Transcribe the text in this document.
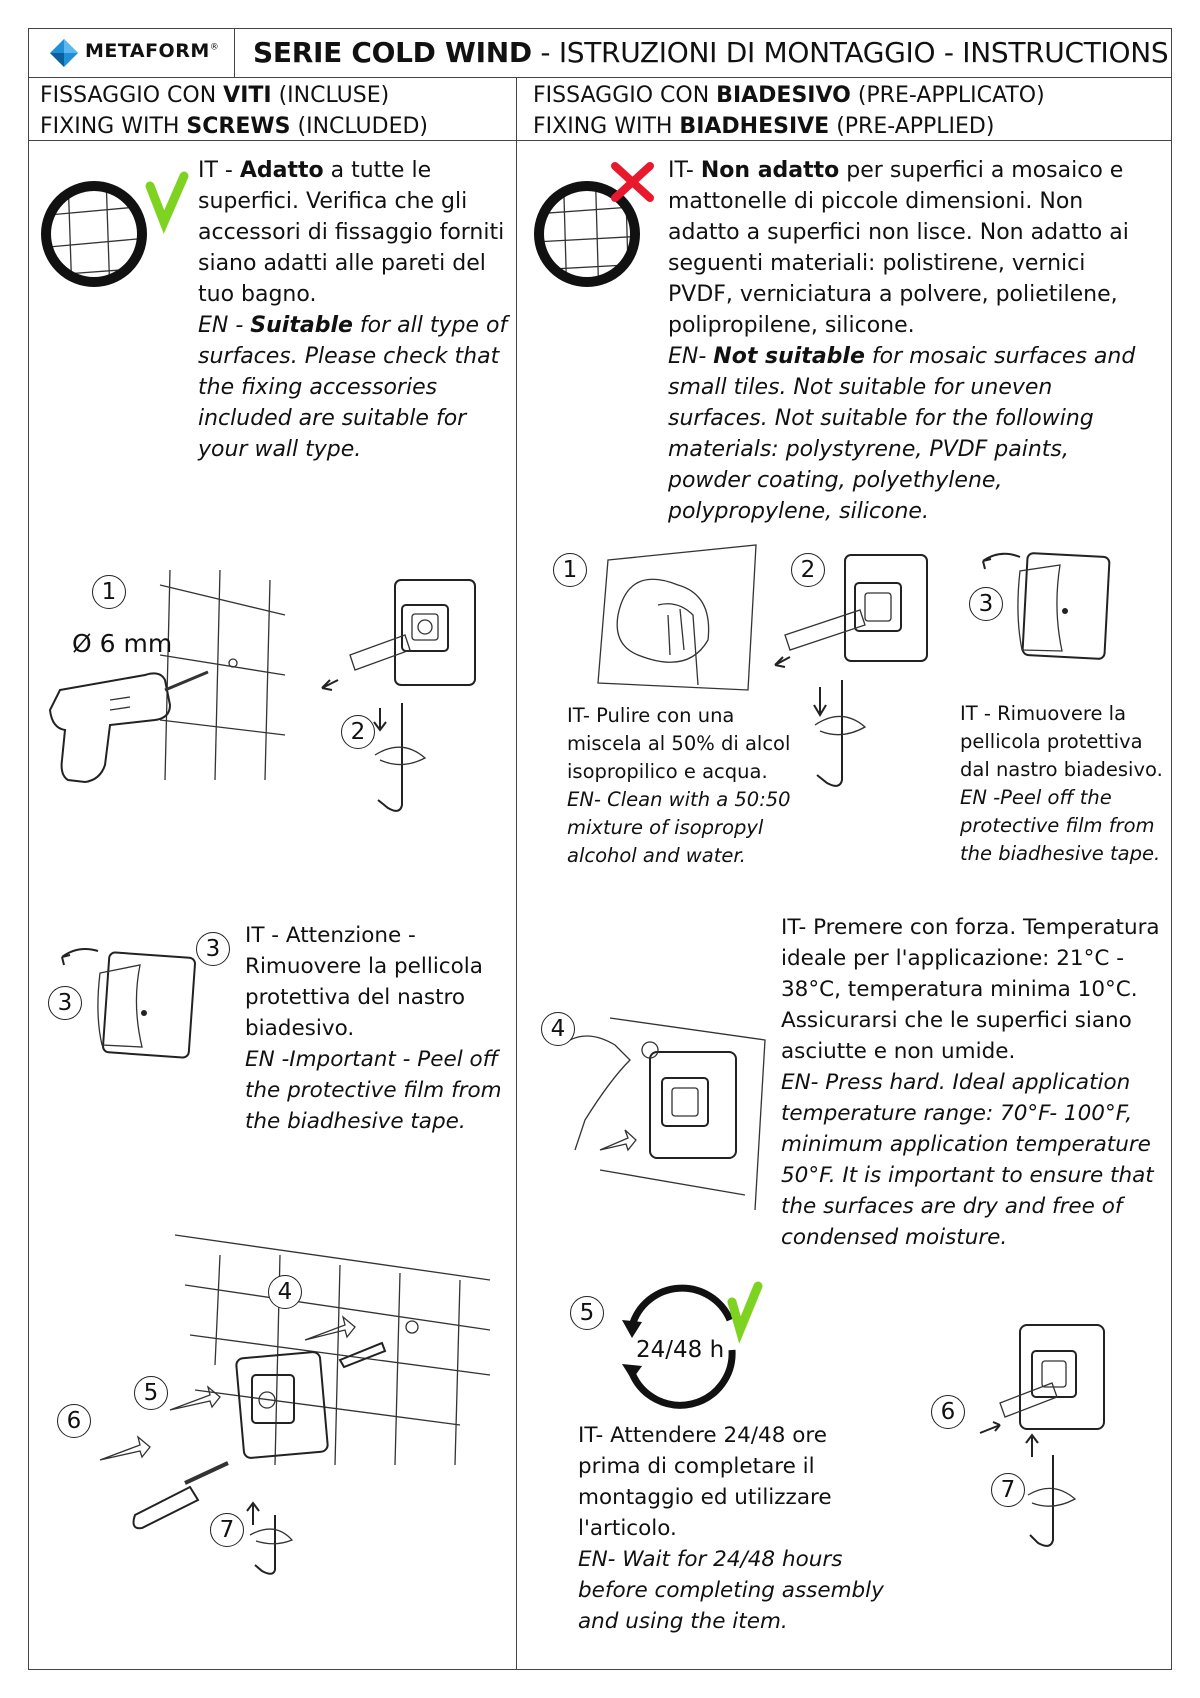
METAFORM®	SERIE COLD WIND - ISTRUZIONI DI MONTAGGIO - INSTRUCTIONS
FISSAGGIO CON VITI (INCLUSE)
FIXING WITH SCREWS (INCLUDED)
FISSAGGIO CON BIADESIVO (PRE-APPLICATO)
FIXING WITH BIADHESIVE (PRE-APPLIED)

IT - Adatto a tutte le superfici. Verifica che gli accessori di fissaggio forniti siano adatti alle pareti del tuo bagno.

EN - Suitable for all type of surfaces. Please check that the fixing accessories included are suitable for your wall type.

IT- Non adatto per superfici a mosaico e mattonelle di piccole dimensioni. Non adatto a superfici non lisce. Non adatto ai seguenti materiali: polistirene, vernici PVDF, verniciatura a polvere, polietilene, polipropilene, silicone.

EN- Not suitable for mosaic surfaces and small tiles. Not suitable for uneven surfaces. Not suitable for the following materials: polystyrene, PVDF paints, powder coating, polyethylene, polypropylene, silicone.

IT - Attenzione - Rimuovere la pellicola protettiva del nastro biadesivo.

EN -Important - Peel off the protective film from the biadhesive tape.

IT- Pulire con una miscela al 50% di alcol isopropilico e acqua.

EN- Clean with a 50:50 mixture of isopropyl alcohol and water.

IT - Rimuovere la pellicola protettiva dal nastro biadesivo.

EN -Peel off the protective film from the biadhesive tape.

IT- Premere con forza. Temperatura ideale per l'applicazione: 21°C - 38°C, temperatura minima 10°C. Assicurarsi che le superfici siano asciutte e non umide.

EN- Press hard. Ideal application temperature range: 70°F- 100°F, minimum application temperature 50°F. It is important to ensure that the surfaces are dry and free of condensed moisture.

24/48 h

IT- Attendere 24/48 ore prima di completare il montaggio ed utilizzare l'articolo.

EN- Wait for 24/48 hours before completing assembly and using the item.

1
2
3
3
4
5
6
7
1	2
3
4
5
6
7
Ø 6 mm
